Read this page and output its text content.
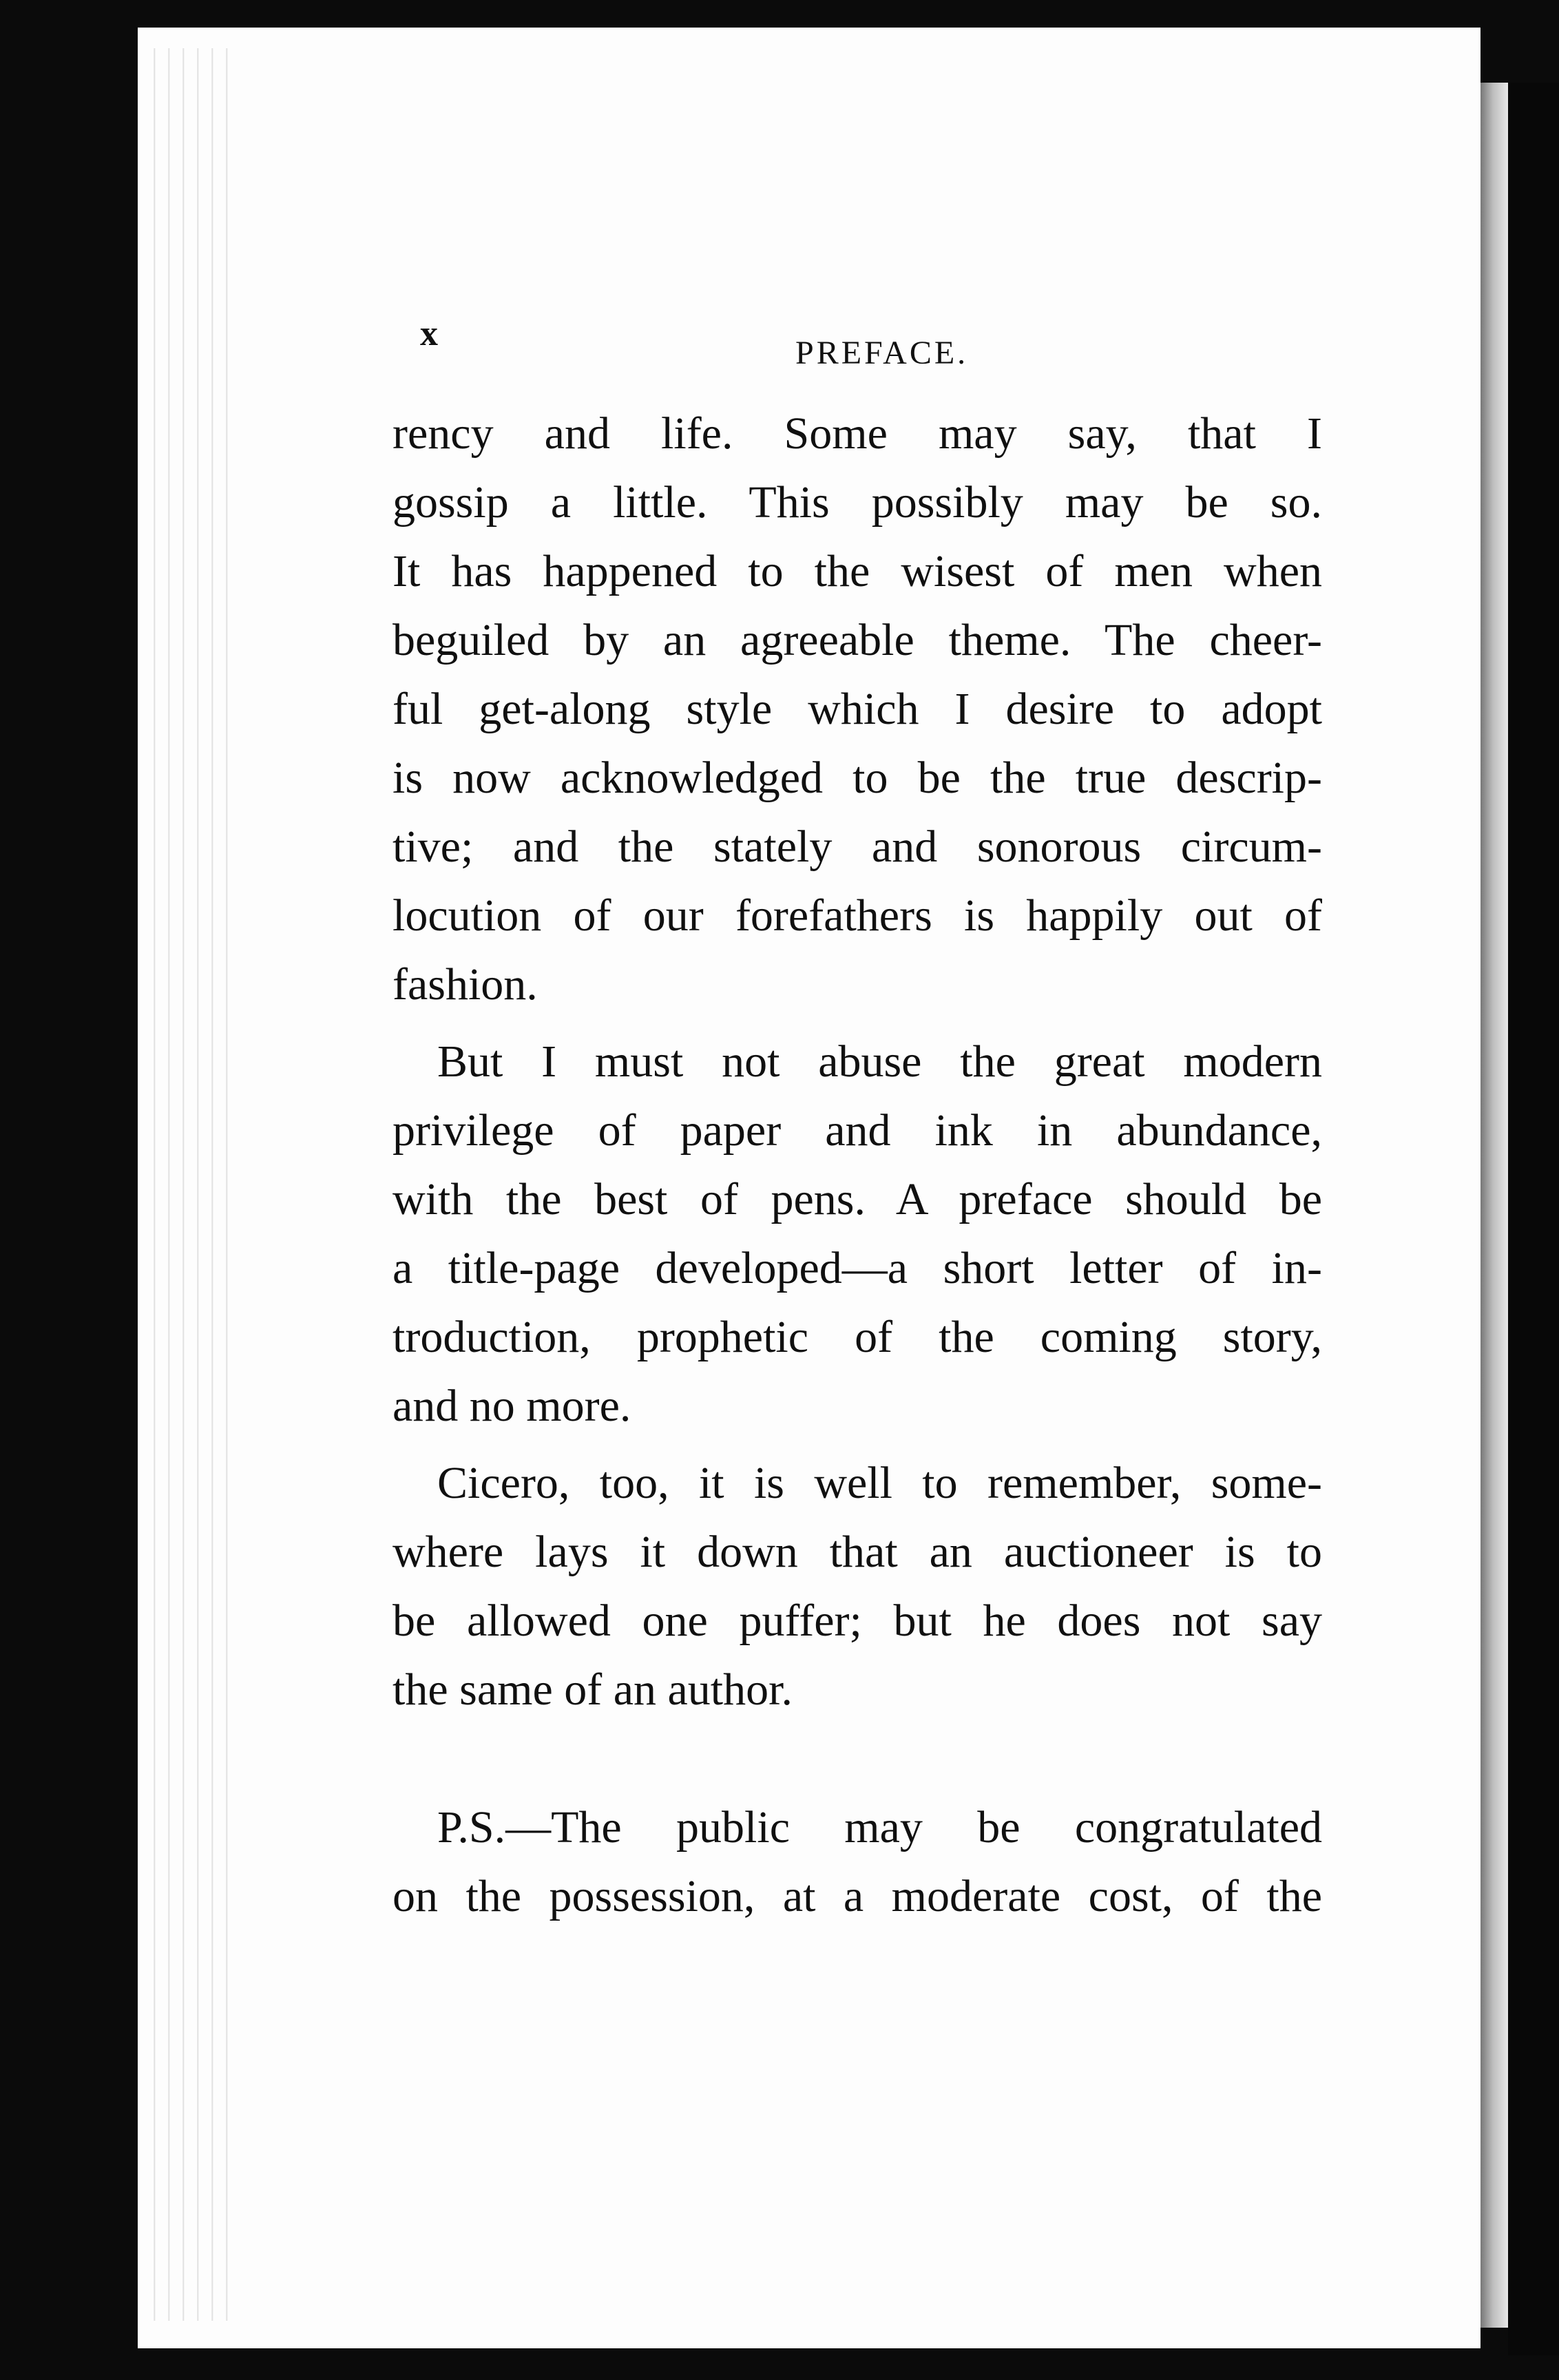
x	PREFACE.
rency and life. Some may say, that I
gossip a little. This possibly may be so.
It has happened to the wisest of men when
beguiled by an agreeable theme. The cheer-
ful get-along style which I desire to adopt
is now acknowledged to be the true descrip-
tive; and the stately and sonorous circum-
locution of our forefathers is happily out of
fashion.
But I must not abuse the great modern
privilege of paper and ink in abundance,
with the best of pens. A preface should be
a title-page developed—a short letter of in-
troduction, prophetic of the coming story,
and no more.
Cicero, too, it is well to remember, some-
where lays it down that an auctioneer is to
be allowed one puffer; but he does not say
the same of an author.
P.S.—The public may be congratulated
on the possession, at a moderate cost, of the
